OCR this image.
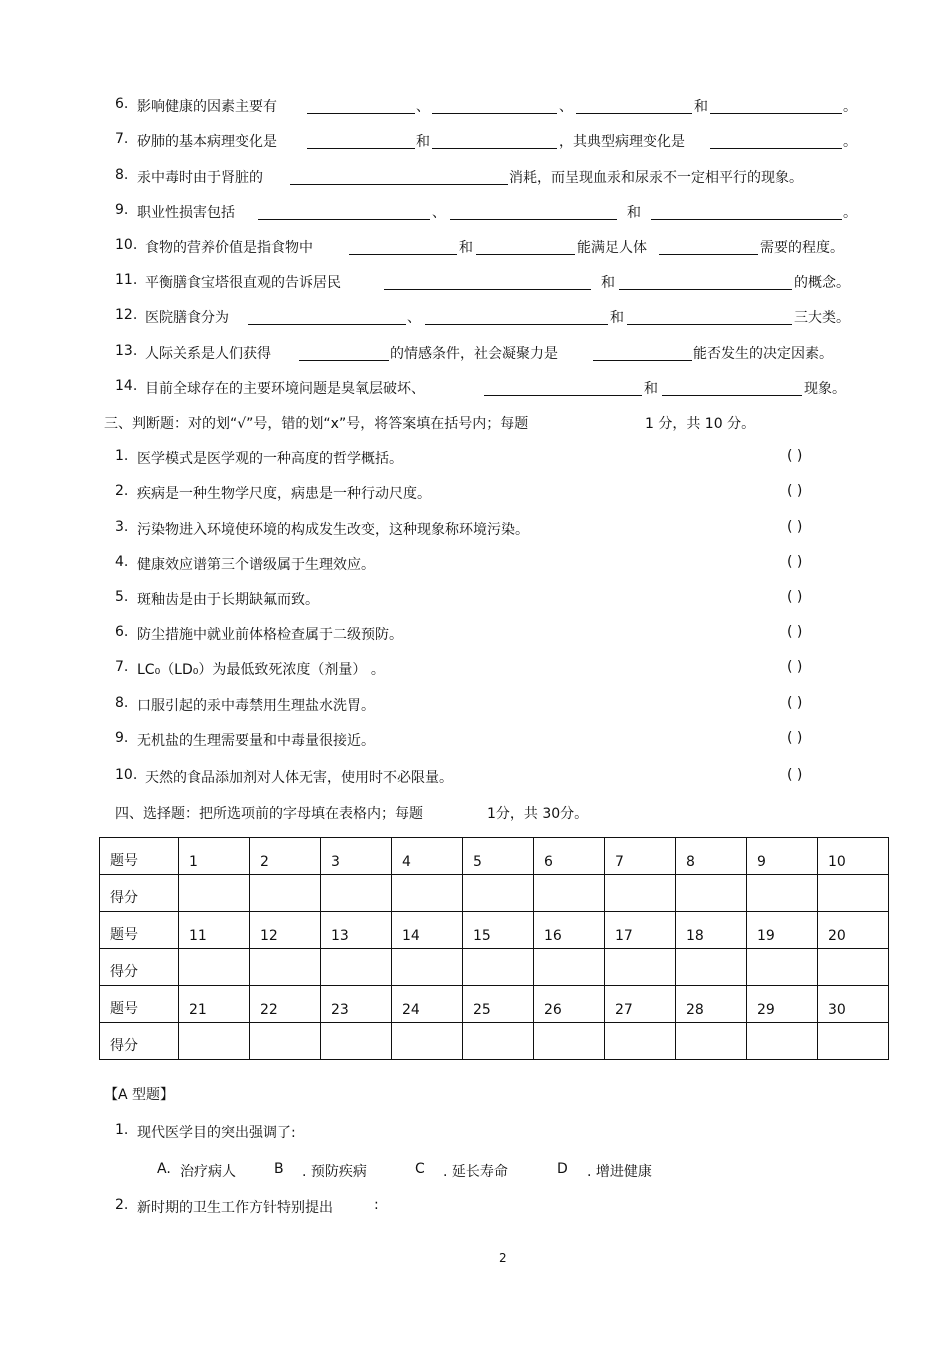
6. 影响健康的因素主要有	、	、	和	。
7. 矽肺的基本病理变化是	和	，其典型病理变化是	。
8. 汞中毒时由于肾脏的	消耗，而呈现血汞和尿汞不一定相平行的现象。
9. 职业性损害包括	、	和	。
10. 食物的营养价值是指食物中	和	能满足人体	需要的程度。
11. 平衡膳食宝塔很直观的告诉居民	和	的概念。
12. 医院膳食分为	、	和	三大类。
13. 人际关系是人们获得	的情感条件，社会凝聚力是	能否发生的决定因素。
14. 目前全球存在的主要环境问题是臭氧层破坏、	和	现象。
三、判断题：对的划“√”号，错的划“x”号，将答案填在括号内；每题	1 分，共 10 分。
1. 医学模式是医学观的一种高度的哲学概括。	( )
2. 疾病是一种生物学尺度，病患是一种行动尺度。	( )
3. 污染物进入环境使环境的构成发生改变，这种现象称环境污染。	( )
4. 健康效应谱第三个谱级属于生理效应。	( )
5. 斑釉齿是由于长期缺氟而致。	( )
6. 防尘措施中就业前体格检查属于二级预防。	( )
7. LC₀（LD₀）为最低致死浓度（剂量） 。	( )
8. 口服引起的汞中毒禁用生理盐水洗胃。	( )
9. 无机盐的生理需要量和中毒量很接近。	( )
10. 天然的食品添加剂对人体无害，使用时不必限量。	( )
四、选择题：把所选项前的字母填在表格内；每题	1分，共 30分。
题号	1	2	3	4	5	6	7	8	9	10
得分										
题号	11	12	13	14	15	16	17	18	19	20
得分										
题号	21	22	23	24	25	26	27	28	29	30
得分										
【A 型题】
1. 现代医学目的突出强调了:
A. 治疗病人	B . 预防疾病	C . 延长寿命	D . 增进健康
2. 新时期的卫生工作方针特别提出	:
2
